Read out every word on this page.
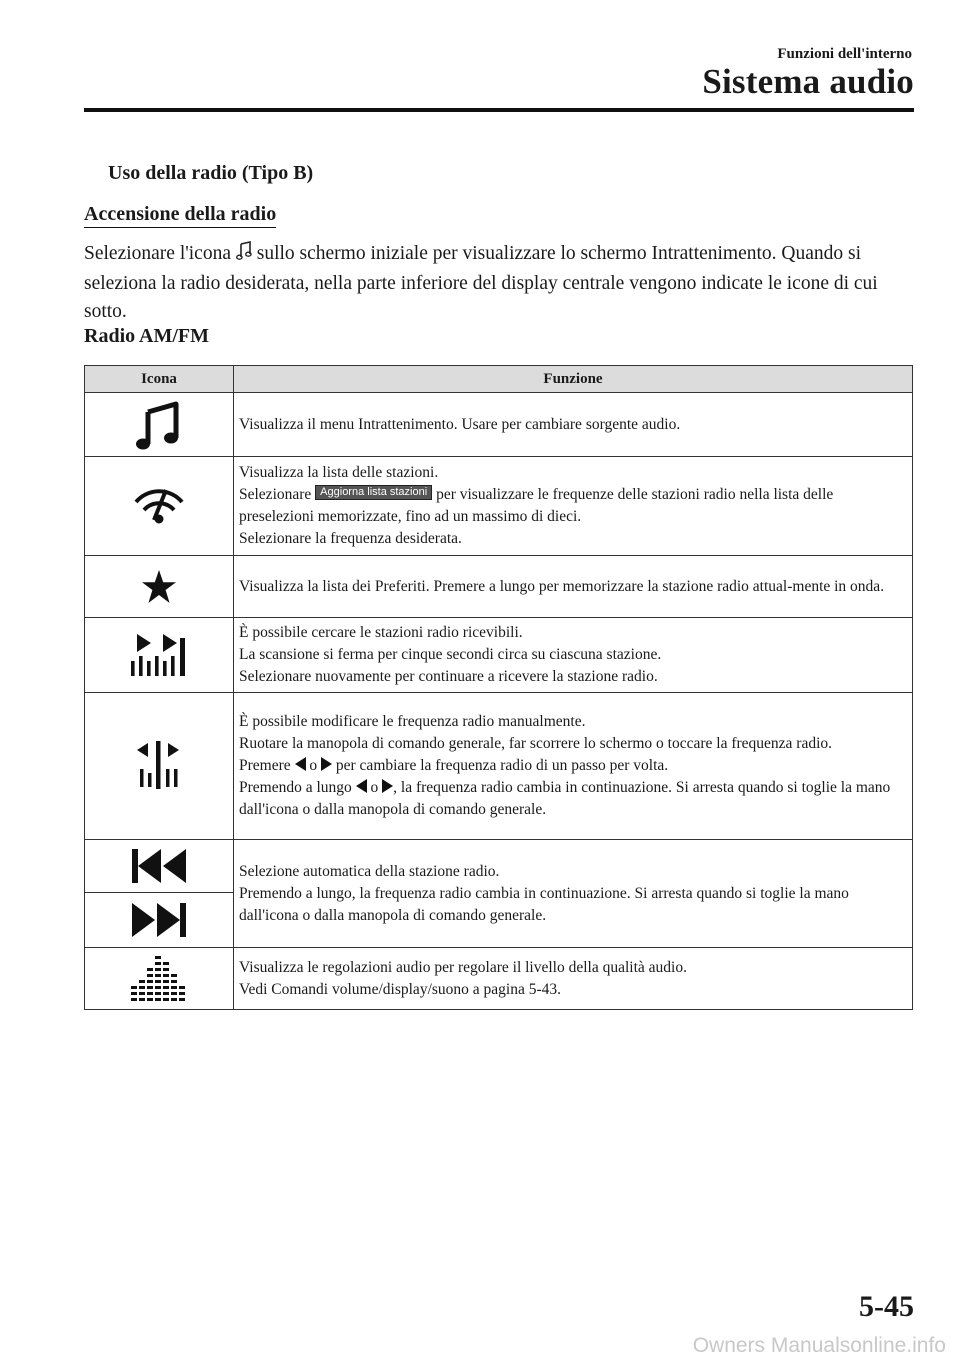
Funzioni dell'interno
Sistema audio
Uso della radio (Tipo B)
Accensione della radio
Selezionare l'icona sullo schermo iniziale per visualizzare lo schermo Intrattenimento. Quando si seleziona la radio desiderata, nella parte inferiore del display centrale vengono indicate le icone di cui sotto.
Radio AM/FM
Icona	Funzione

Visualizza il menu Intrattenimento. Usare per cambiare sorgente audio.

Visualizza la lista delle stazioni.
Selezionare Aggiorna lista stazioni per visualizzare le frequenze delle stazioni radio nella lista delle preselezioni memorizzate, fino ad un massimo di dieci.
Selezionare la frequenza desiderata.

Visualizza la lista dei Preferiti. Premere a lungo per memorizzare la stazione radio attual-mente in onda.

È possibile cercare le stazioni radio ricevibili.
La scansione si ferma per cinque secondi circa su ciascuna stazione.
Selezionare nuovamente per continuare a ricevere la stazione radio.

È possibile modificare le frequenza radio manualmente.
Ruotare la manopola di comando generale, far scorrere lo schermo o toccare la frequenza radio.
Premere o per cambiare la frequenza radio di un passo per volta.
Premendo a lungo o , la frequenza radio cambia in continuazione. Si arresta quando si toglie la mano dall'icona o dalla manopola di comando generale.

Selezione automatica della stazione radio.
Premendo a lungo, la frequenza radio cambia in continuazione. Si arresta quando si toglie la mano dall'icona o dalla manopola di comando generale.

Visualizza le regolazioni audio per regolare il livello della qualità audio.
Vedi Comandi volume/display/suono a pagina 5-43.
5-45
Owners Manualsonline.info
